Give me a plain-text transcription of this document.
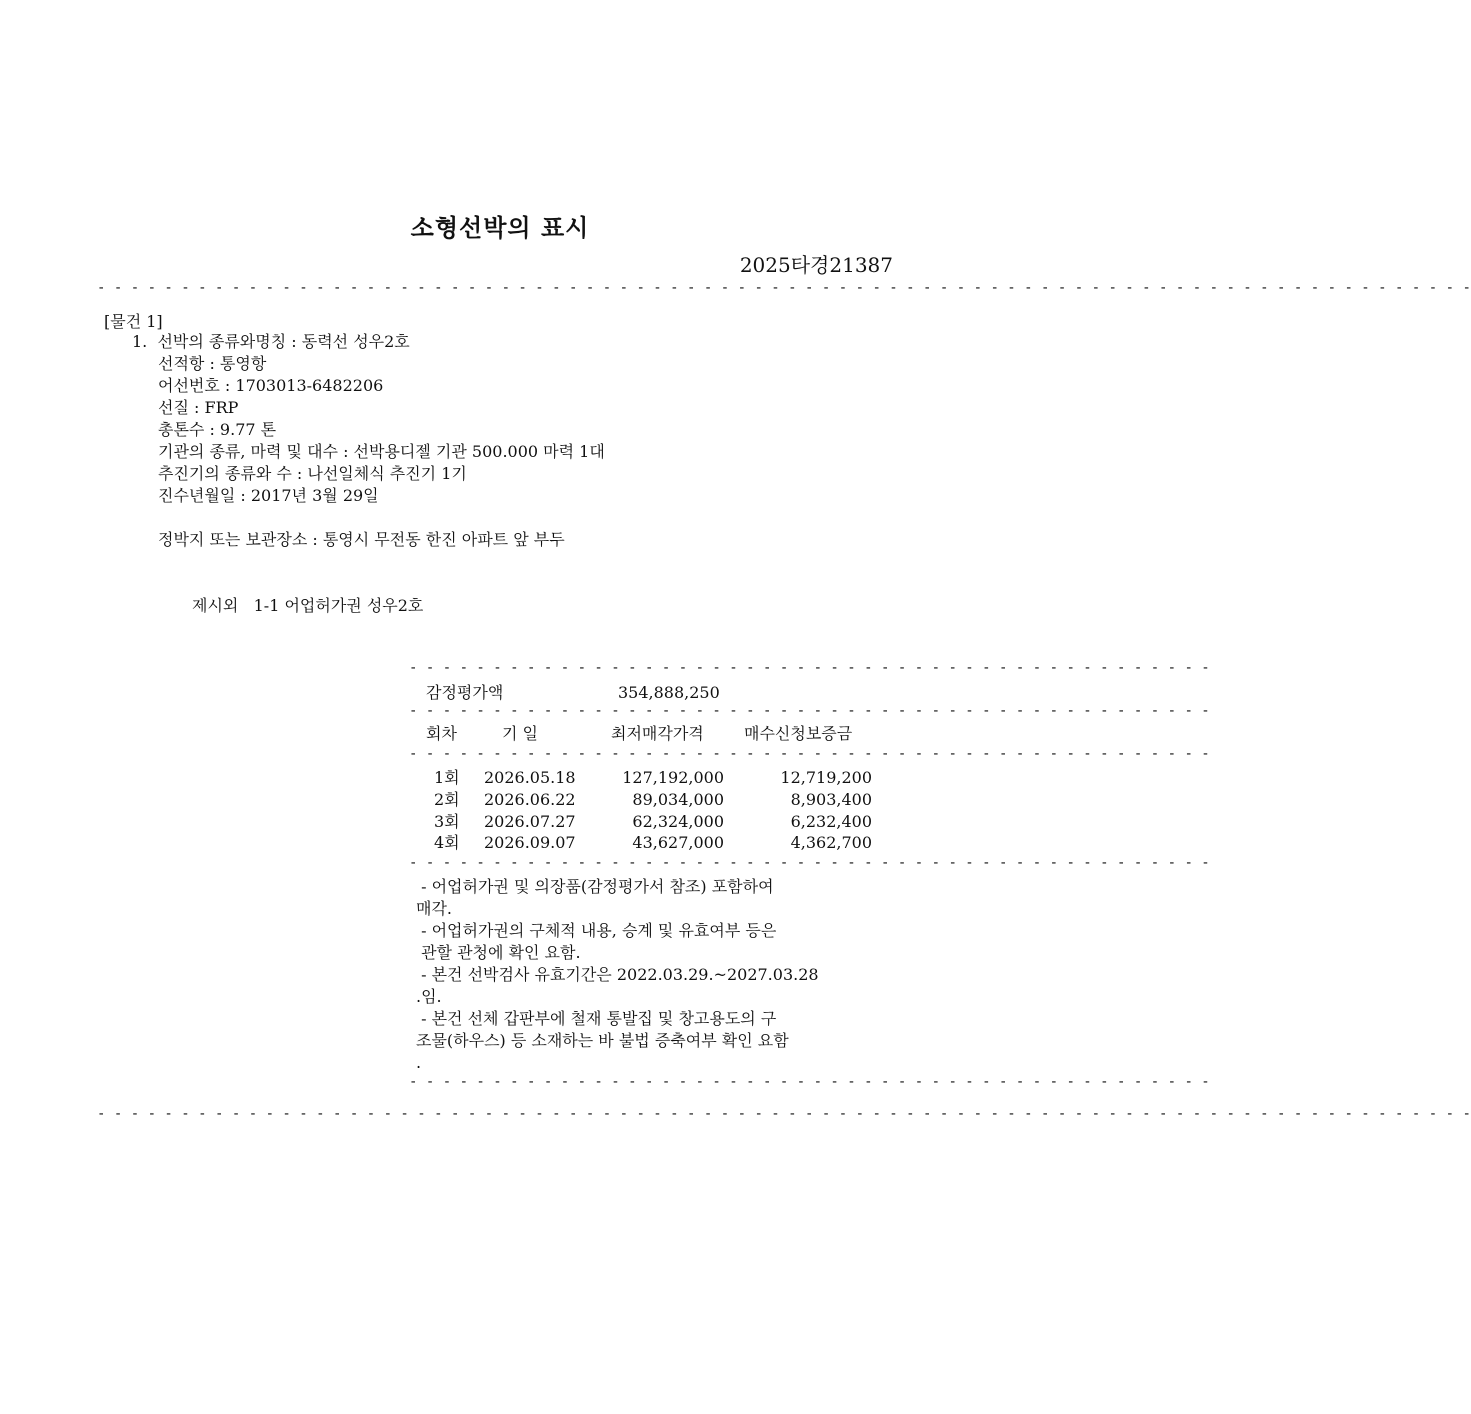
소형선박의 표시
2025타경21387
- - - - - - - - - - - - - - - - - - - - - - - - - - - - - - - - - - - - - - - - - - - - - - - - - - - - - - - - - - - - - - - - - - - - - - - - - - - - - - - - - -
[물건 1]
1.  선박의 종류와명칭 : 동력선 성우2호
선적항 : 통영항
어선번호 : 1703013-6482206
선질 : FRP
총톤수 : 9.77 톤
기관의 종류, 마력 및 대수 : 선박용디젤 기관 500.000 마력 1대
추진기의 종류와 수 : 나선일체식 추진기 1기
진수년월일 : 2017년 3월 29일
정박지 또는 보관장소 : 통영시 무전동 한진 아파트 앞 부두
제시외   1-1 어업허가권 성우2호
- - - - - - - - - - - - - - - - - - - - - - - - - - - - - - - - - - - - - - - - - - - - - - - -
감정평가액	354,888,250
- - - - - - - - - - - - - - - - - - - - - - - - - - - - - - - - - - - - - - - - - - - - - - - -
회차	기 일	최저매각가격	매수신청보증금
- - - - - - - - - - - - - - - - - - - - - - - - - - - - - - - - - - - - - - - - - - - - - - - -
1회 2026.05.18	127,192,000	12,719,200
2회 2026.06.22	89,034,000	8,903,400
3회 2026.07.27	62,324,000	6,232,400
4회 2026.09.07	43,627,000	4,362,700
- - - - - - - - - - - - - - - - - - - - - - - - - - - - - - - - - - - - - - - - - - - - - - - -
- 어업허가권 및 의장품(감정평가서 참조) 포함하여
매각.
- 어업허가권의 구체적 내용, 승계 및 유효여부 등은
관할 관청에 확인 요함.
- 본건 선박검사 유효기간은 2022.03.29.~2027.03.28
.임.
- 본건 선체 갑판부에 철재 통발집 및 창고용도의 구
조물(하우스) 등 소재하는 바 불법 증축여부 확인 요함
.
- - - - - - - - - - - - - - - - - - - - - - - - - - - - - - - - - - - - - - - - - - - - - - - -
- - - - - - - - - - - - - - - - - - - - - - - - - - - - - - - - - - - - - - - - - - - - - - - - - - - - - - - - - - - - - - - - - - - - - - - - - - - - - - - - - -
